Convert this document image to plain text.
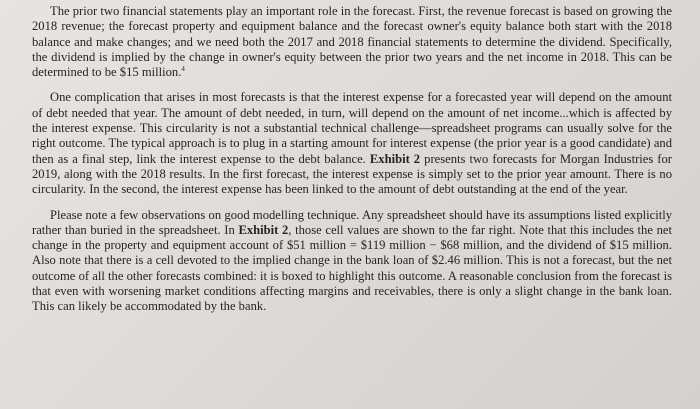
The prior two financial statements play an important role in the forecast. First, the revenue forecast is based on growing the 2018 revenue; the forecast property and equipment balance and the forecast owner's equity balance both start with the 2018 balance and make changes; and we need both the 2017 and 2018 financial statements to determine the dividend. Specifically, the dividend is implied by the change in owner's equity between the prior two years and the net income in 2018. This can be determined to be $15 million.$^4$

One complication that arises in most forecasts is that the interest expense for a forecasted year will depend on the amount of debt needed that year. The amount of debt needed, in turn, will depend on the amount of net income...which is affected by the interest expense. This circularity is not a substantial technical challenge—spreadsheet programs can usually solve for the right outcome. The typical approach is to plug in a starting amount for interest expense (the prior year is a good candidate) and then as a final step, link the interest expense to the debt balance. Exhibit 2 presents two forecasts for Morgan Industries for 2019, along with the 2018 results. In the first forecast, the interest expense is simply set to the prior year amount. There is no circularity. In the second, the interest expense has been linked to the amount of debt outstanding at the end of the year.

Please note a few observations on good modelling technique. Any spreadsheet should have its assumptions listed explicitly rather than buried in the spreadsheet. In Exhibit 2, those cell values are shown to the far right. Note that this includes the net change in the property and equipment account of $51 million = $119 million − $68 million, and the dividend of $15 million. Also note that there is a cell devoted to the implied change in the bank loan of $2.46 million. This is not a forecast, but the net outcome of all the other forecasts combined: it is boxed to highlight this outcome. A reasonable conclusion from the forecast is that even with worsening market conditions affecting margins and receivables, there is only a slight change in the bank loan. This can likely be accommodated by the bank.
